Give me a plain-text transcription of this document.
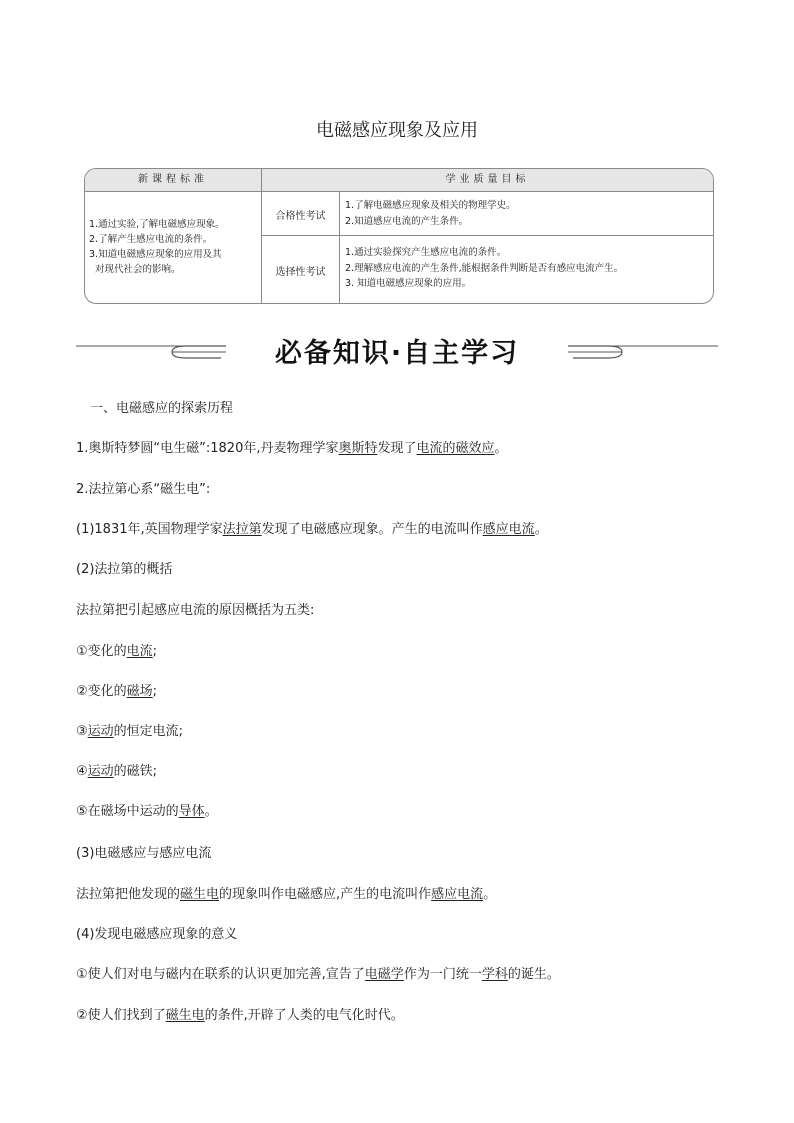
电磁感应现象及应用
新课程标准	学业质量目标
1.通过实验,了解电磁感应现象。
2.了解产生感应电流的条件。
3.知道电磁感应现象的应用及其
对现代社会的影响。
合格性考试
1.了解电磁感应现象及相关的物理学史。
2.知道感应电流的产生条件。
选择性考试
1.通过实验探究产生感应电流的条件。
2.理解感应电流的产生条件,能根据条件判断是否有感应电流产生。
3. 知道电磁感应现象的应用。
必备知识·自主学习
一、电磁感应的探索历程
1.奥斯特梦圆“电生磁”:1820年,丹麦物理学家奥斯特发现了电流的磁效应。
2.法拉第心系“磁生电”:
(1)1831年,英国物理学家法拉第发现了电磁感应现象。产生的电流叫作感应电流。
(2)法拉第的概括
法拉第把引起感应电流的原因概括为五类:
①变化的电流;
②变化的磁场;
③运动的恒定电流;
④运动的磁铁;
⑤在磁场中运动的导体。
(3)电磁感应与感应电流
法拉第把他发现的磁生电的现象叫作电磁感应,产生的电流叫作感应电流。
(4)发现电磁感应现象的意义
①使人们对电与磁内在联系的认识更加完善,宣告了电磁学作为一门统一学科的诞生。
②使人们找到了磁生电的条件,开辟了人类的电气化时代。
